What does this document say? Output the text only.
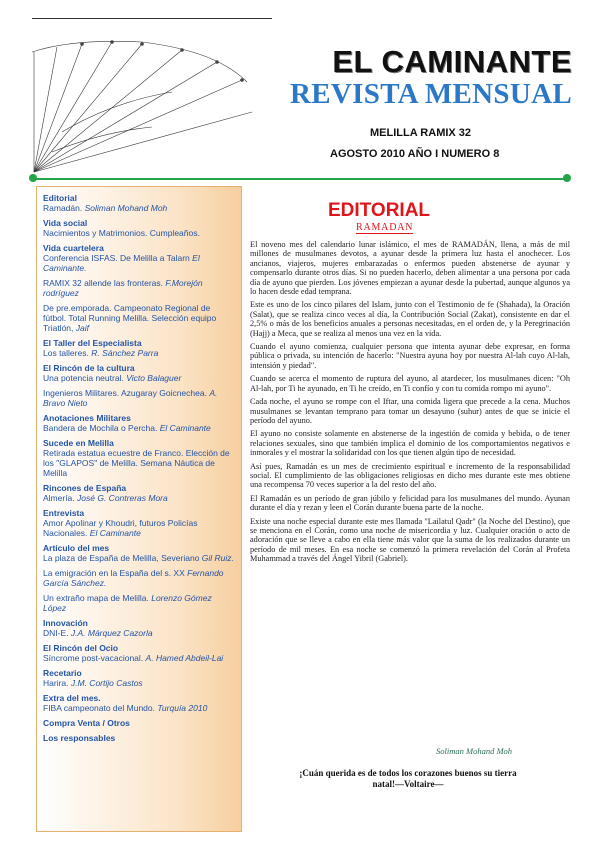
EL CAMINANTE
REVISTA MENSUAL
MELILLA RAMIX 32
AGOSTO 2010 AÑO I NUMERO 8
Editorial
Ramadán. Soliman Mohand Moh
Vida social
Nacimientos y Matrimonios. Cumpleaños.
Vida cuartelera
Conferencia ISFAS. De Melilla a Talarn El Caminante.
RAMIX 32 allende las fronteras. F.Morejón rodríguez
De pre.emporada. Campeonato Regional de fútbol. Total Running Melilla. Selección equipo Triatlón, Jaif
El Taller del Especialista
Los talleres. R. Sánchez Parra
El Rincón de la cultura
Una potencia neutral. Victo Balaguer
Ingenieros Militares. Azugaray Goicnechea. A. Bravo Nieto
Anotaciones Militares
Bandera de Mochila o Percha. El Caminante
Sucede en Melilla
Retirada estatua ecuestre de Franco. Elección de los "GLAPOS" de Melilla. Semana Náutica de Melilla
Rincones de España
Almería. José G. Contreras Mora
Entrevista
Amor Apolinar y Khoudri, futuros Policías Nacionales. El Caminante
Artículo del mes
La plaza de España de Melilla, Severiano Gil Ruiz.
La emigración en la España del s. XX Fernando García Sánchez.
Un extraño mapa de Melilla. Lorenzo Gómez López
Innovación
DNI-E. J.A. Márquez Cazorla
El Rincón del Ocio
Síncrome post-vacacional. A. Hamed Abdeil-Lai
Recetario
Harira. J.M. Cortijo Castos
Extra del mes.
FIBA campeonato del Mundo. Turquía 2010
Compra Venta / Otros
Los responsables
EDITORIAL
RAMADAN

El noveno mes del calendario lunar islámico, el mes de RAMADÁN, llena, a más de mil millones de musulmanes devotos, a ayunar desde la primera luz hasta el anochecer. Los ancianos, viajeros, mujeres embarazadas o enfermos pueden abstenerse de ayunar y compensarlo durante otros días. Si no pueden hacerlo, deben alimentar a una persona por cada día de ayuno que pierden. Los jóvenes empiezan a ayunar desde la pubertad, aunque algunos ya lo hacen desde edad temprana.

Este es uno de los cinco pilares del Islam, junto con el Testimonio de fe (Shahada), la Oración (Salat), que se realiza cinco veces al día, la Contribución Social (Zakat), consistente en dar el 2,5% o más de los beneficios anuales a personas necesitadas, en el orden de, y la Peregrinación (Hajj) a Meca, que se realiza al menos una vez en la vida.

Cuando el ayuno comienza, cualquier persona que intenta ayunar debe expresar, en forma pública o privada, su intención de hacerlo: "Nuestra ayuna hoy por nuestra Al-lah cuyo Al-lah, intensión y piedad".

Cuando se acerca el momento de ruptura del ayuno, al atardecer, los musulmanes dicen: "Oh Al-lah, por Ti he ayunado, en Ti he creído, en Ti confío y con tu comida rompo mi ayuno".

Cada noche, el ayuno se rompe con el Iftar, una comida ligera que precede a la cena. Muchos musulmanes se levantan temprano para tomar un desayuno (suhur) antes de que se inicie el período del ayuno.

El ayuno no consiste solamente en abstenerse de la ingestión de comida y bebida, o de tener relaciones sexuales, sino que también implica el dominio de los comportamientos negativos e inmorales y el mostrar la solidaridad con los que tienen algún tipo de necesidad.

Así pues, Ramadán es un mes de crecimiento espiritual e incremento de la responsabilidad social. El cumplimiento de las obligaciones religiosas en dicho mes durante este mes obtiene una recompensa 70 veces superior a la del resto del año.

El Ramadán es un período de gran júbilo y felicidad para los musulmanes del mundo. Ayunan durante el día y rezan y leen el Corán durante buena parte de la noche.

Existe una noche especial durante este mes llamada "Lailatul Qadr" (la Noche del Destino), que se menciona en el Corán, como una noche de misericordia y luz. Cualquier oración o acto de adoración que se lleve a cabo en ella tiene más valor que la suma de los realizados durante un período de mil meses. En esa noche se comenzó la primera revelación del Corán al Profeta Muhammad a través del Ángel Yibril (Gabriel).

Soliman Mohand Moh
¡Cuán querida es de todos los corazones buenos su tierra
natal!—Voltaire—
